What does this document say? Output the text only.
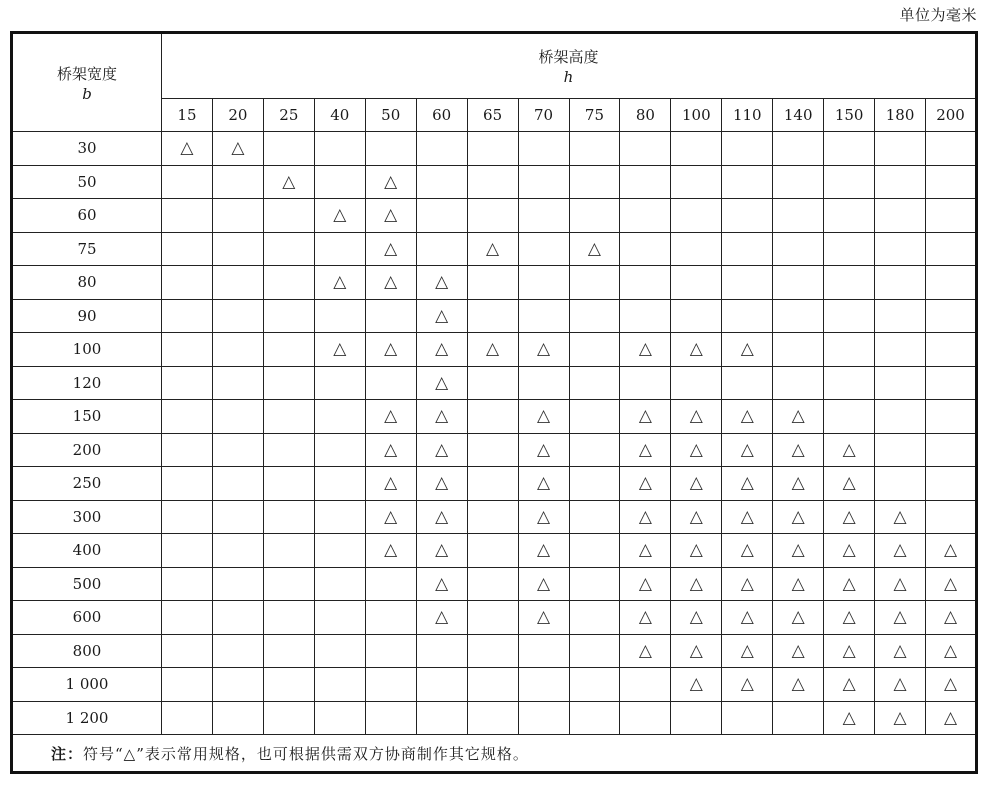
单位为毫米
桥架宽度
b

桥架高度
h

	15	20	25	40	50	60	65	70	75	80	100	110	140	150	180	200
30	△	△														
50			△		△											
60				△	△											
75					△		△		△							
80				△	△	△										
90						△										
100				△	△	△	△	△		△	△	△				
120						△										
150					△	△		△		△	△	△	△			
200					△	△		△		△	△	△	△	△		
250					△	△		△		△	△	△	△	△		
300					△	△		△		△	△	△	△	△	△	
400					△	△		△		△	△	△	△	△	△	△
500						△		△		△	△	△	△	△	△	△
600						△		△		△	△	△	△	△	△	△
800										△	△	△	△	△	△	△
1 000											△	△	△	△	△	△
1 200														△	△	△
注：符号“△”表示常用规格，也可根据供需双方协商制作其它规格。																
